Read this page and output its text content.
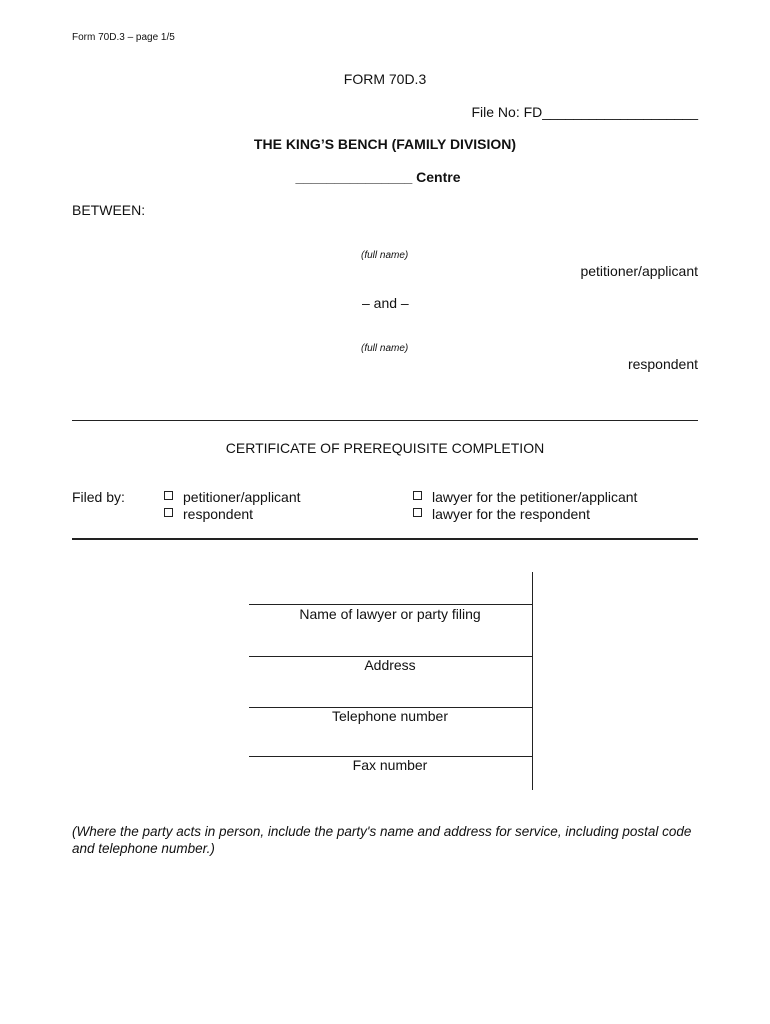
Form 70D.3 – page 1/5
FORM 70D.3
File No: FD____________________
THE KING’S BENCH (FAMILY DIVISION)
_______________ Centre
BETWEEN:
(full name)
petitioner/applicant
– and –
(full name)
respondent
CERTIFICATE OF PREREQUISITE COMPLETION
Filed by:	petitioner/applicant
respondent
lawyer for the petitioner/applicant
lawyer for the respondent
Name of lawyer or party filing
Address
Telephone number
Fax number
(Where the party acts in person, include the party's name and address for service, including postal code and telephone number.)
